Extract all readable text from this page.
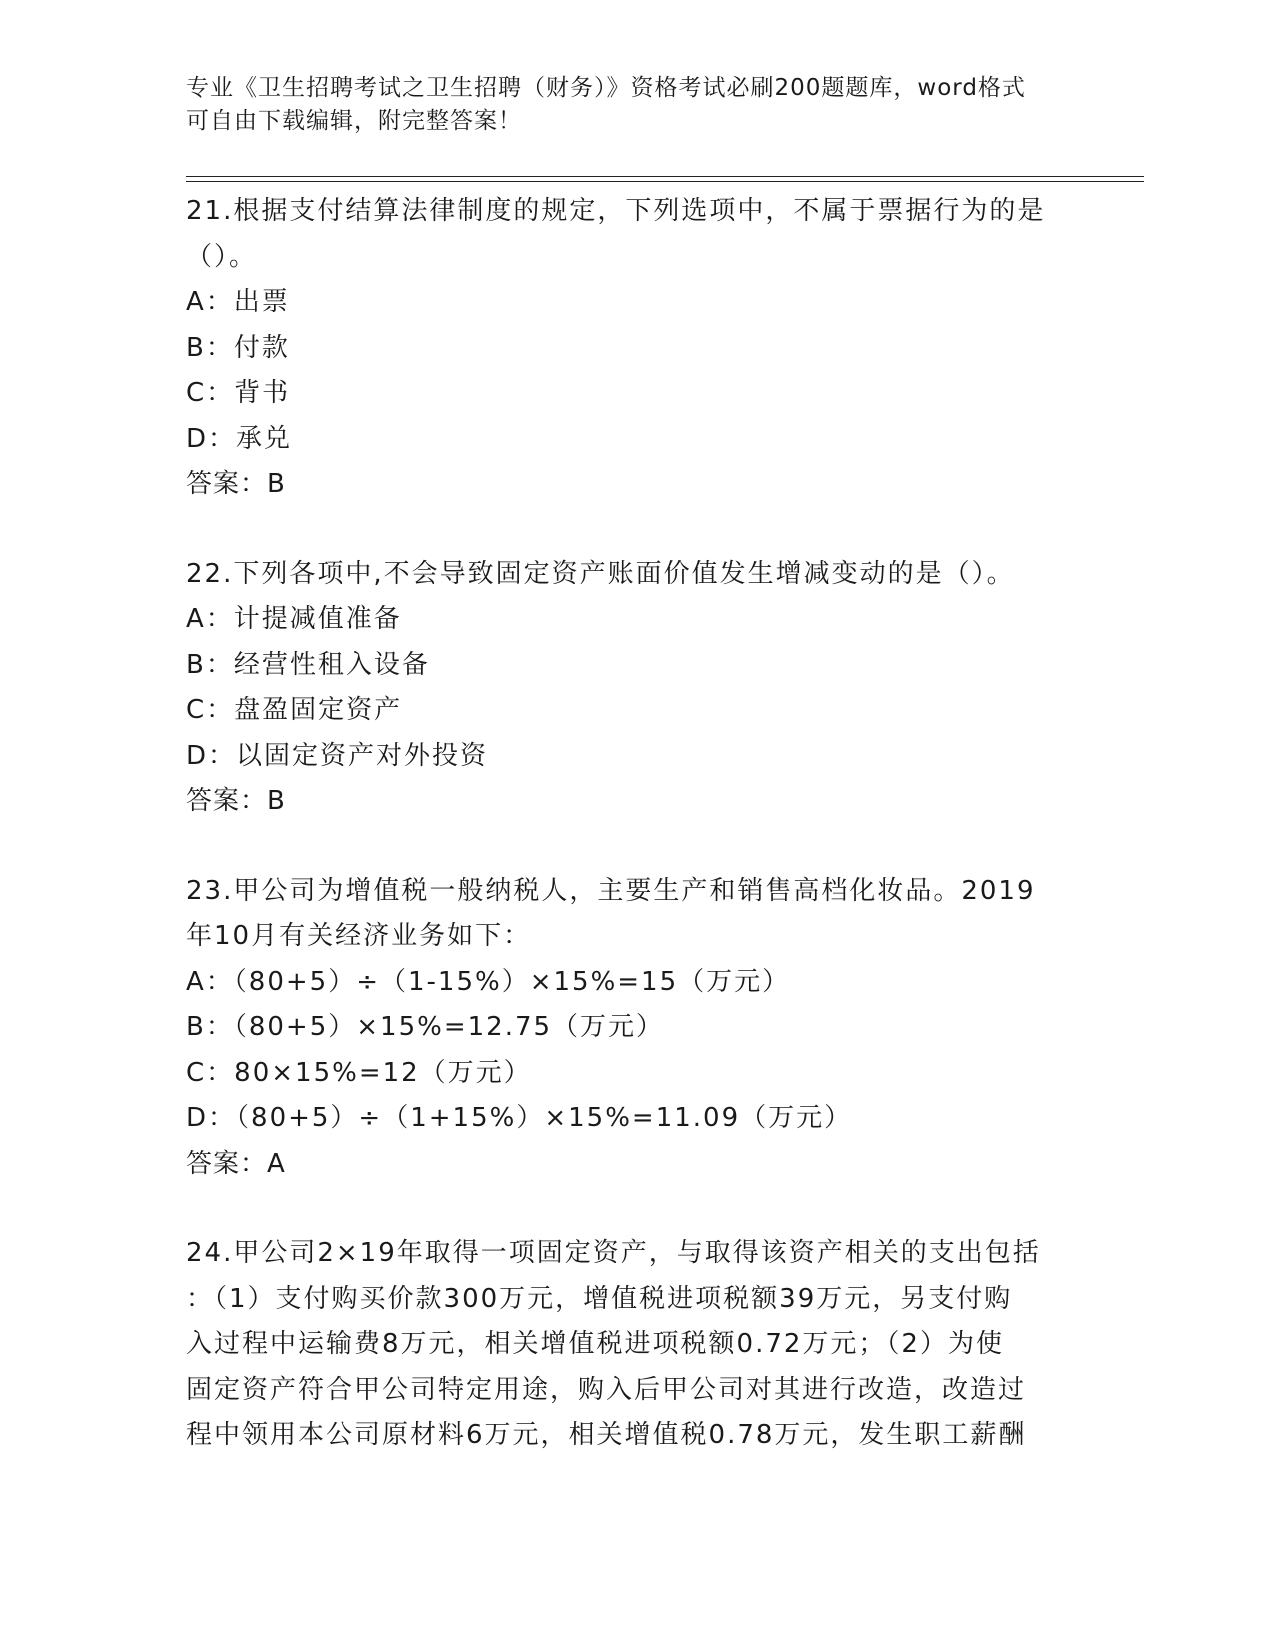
专业《卫生招聘考试之卫生招聘（财务）》资格考试必刷200题题库，word格式
可自由下载编辑，附完整答案！
21.根据支付结算法律制度的规定，下列选项中，不属于票据行为的是
（）。
A：出票
B：付款
C：背书
D：承兑
答案：B
22.下列各项中,不会导致固定资产账面价值发生增减变动的是（）。
A：计提减值准备
B：经营性租入设备
C：盘盈固定资产
D：以固定资产对外投资
答案：B
23.甲公司为增值税一般纳税人，主要生产和销售高档化妆品。2019
年10月有关经济业务如下：
A：（80+5）÷（1-15%）×15%=15（万元）
B：（80+5）×15%=12.75（万元）
C：80×15%=12（万元）
D：（80+5）÷（1+15%）×15%=11.09（万元）
答案：A
24.甲公司2×19年取得一项固定资产，与取得该资产相关的支出包括
：（1）支付购买价款300万元，增值税进项税额39万元，另支付购
入过程中运输费8万元，相关增值税进项税额0.72万元；（2）为使
固定资产符合甲公司特定用途，购入后甲公司对其进行改造，改造过
程中领用本公司原材料6万元，相关增值税0.78万元，发生职工薪酬
